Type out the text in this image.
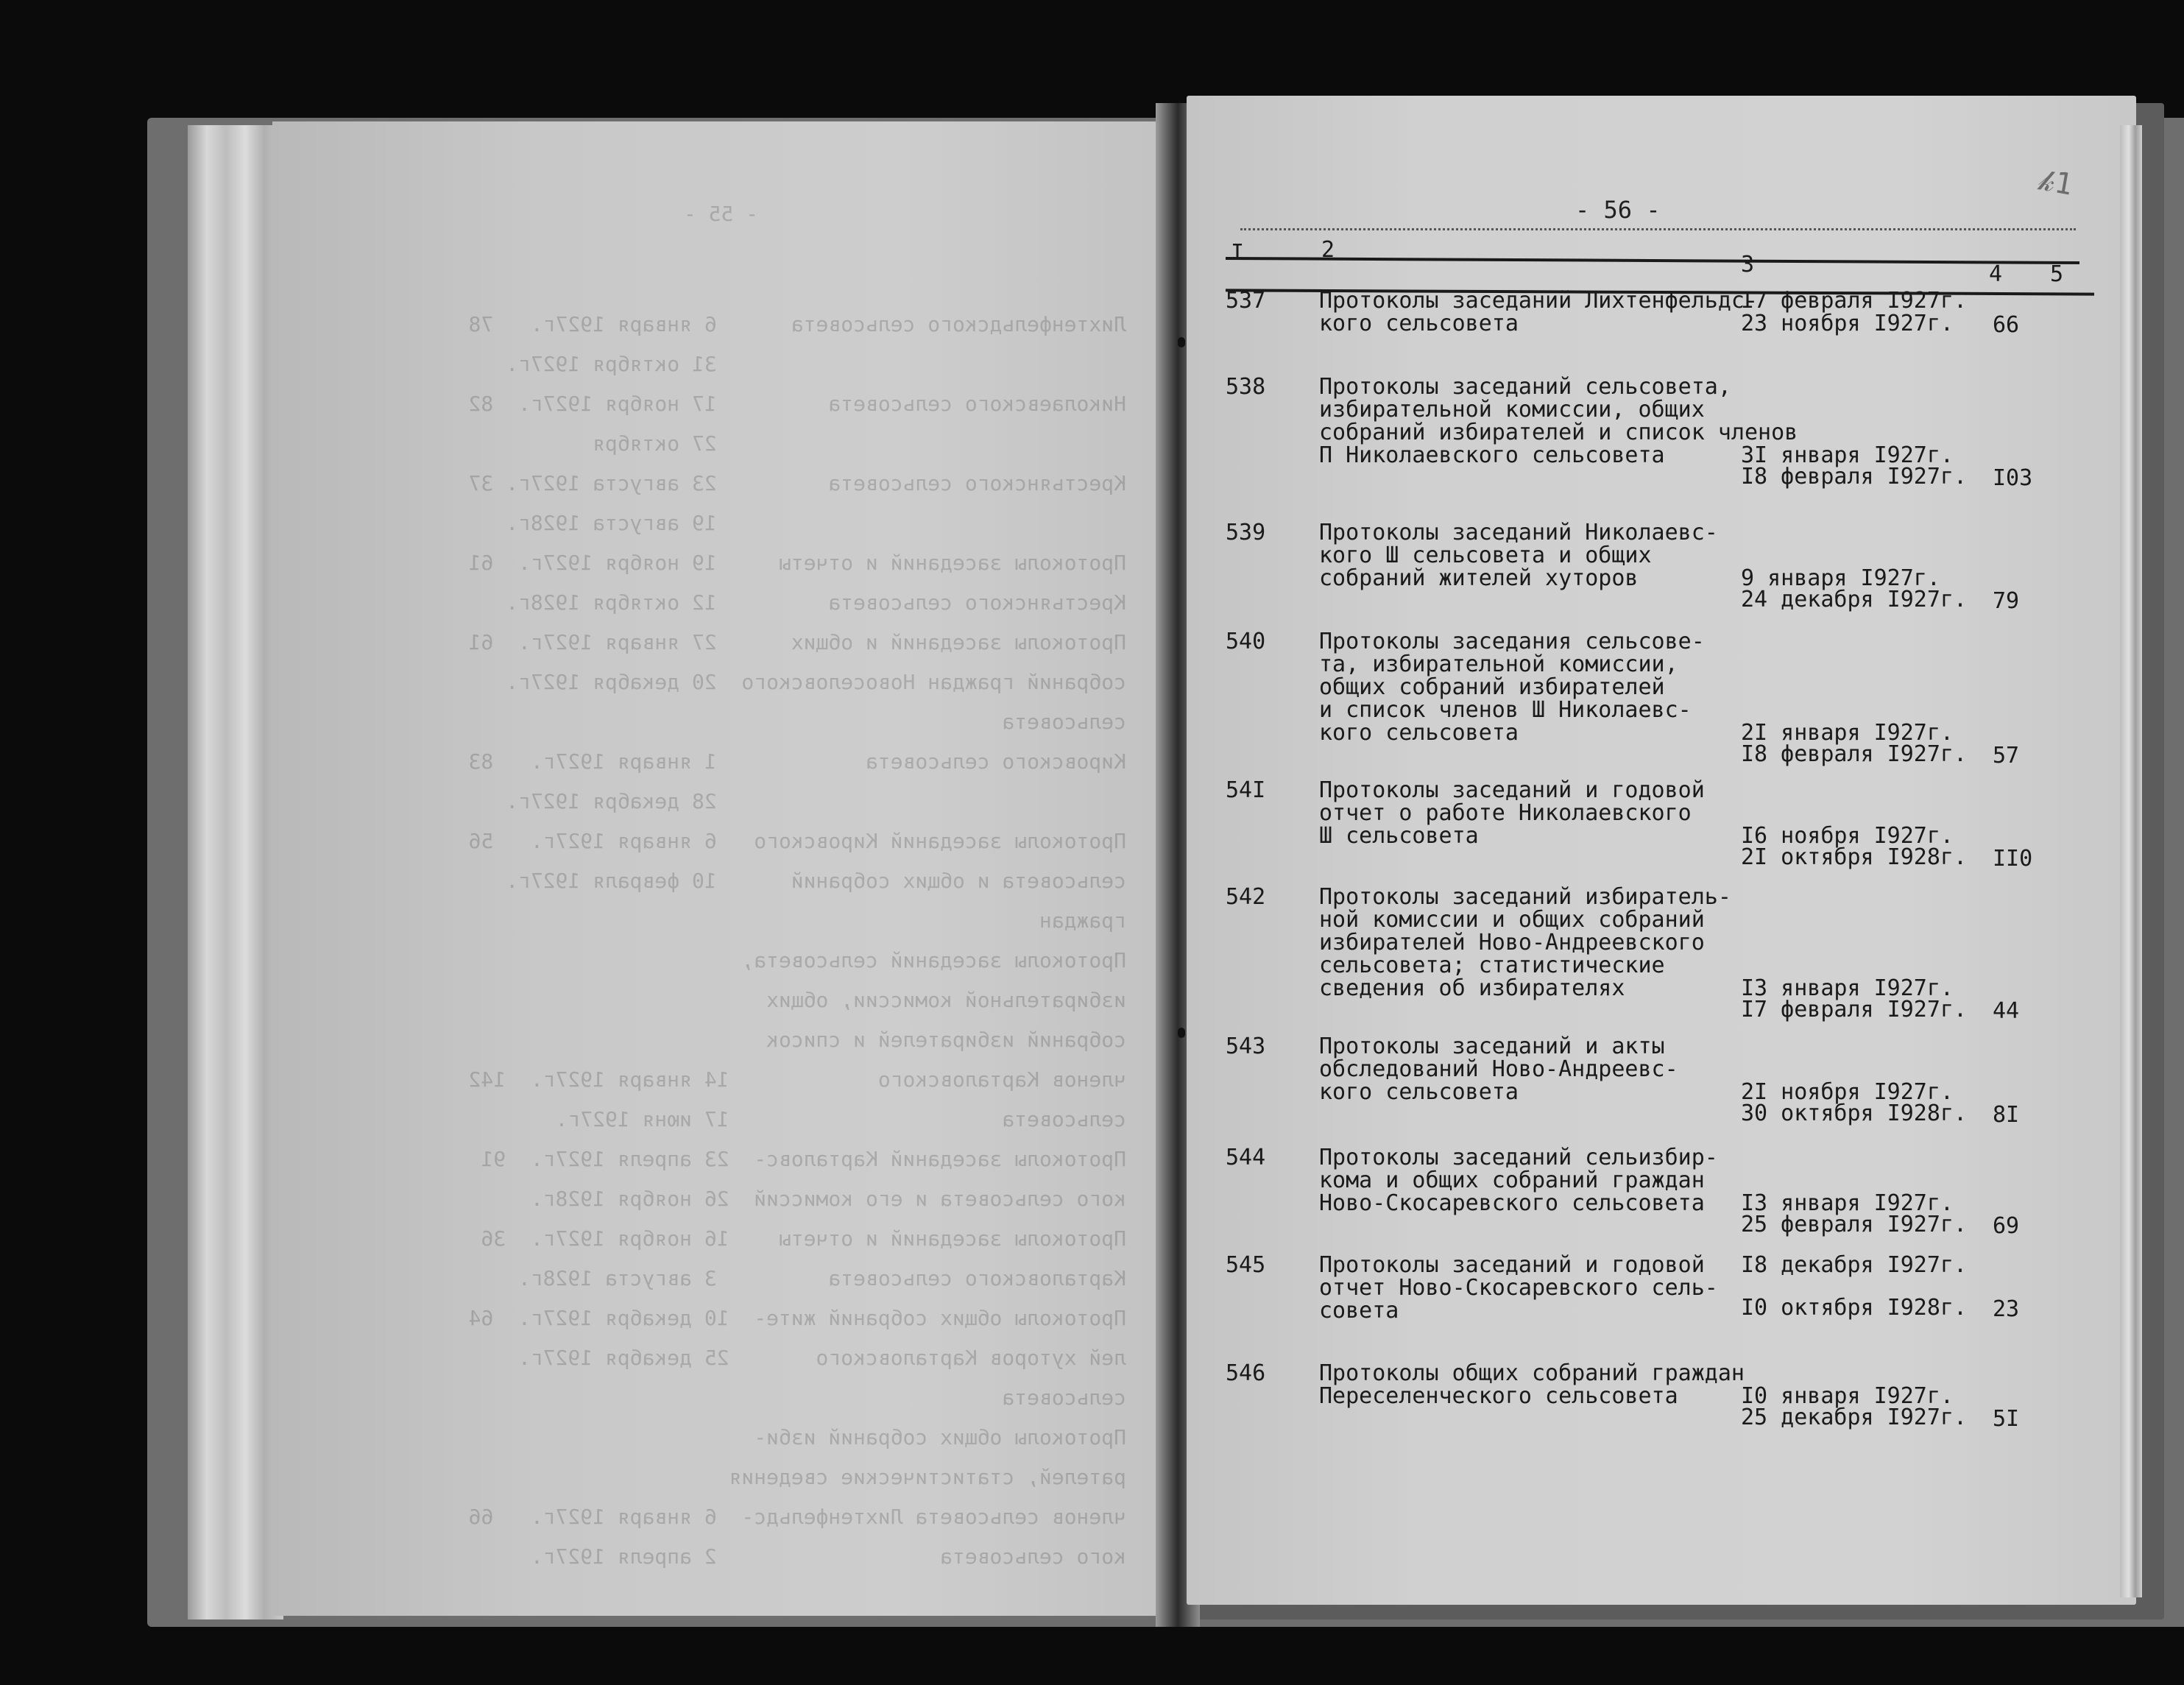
- 55 -
Лихтенфельдского сельсовета      6 января 1927г.   78
31 октября 1927г.
Николаевского сельсовета         17 ноября 1927г.  82
27 октября
Крестьянского сельсовета         23 августа 1927г. 37
19 августа 1928г.
Протоколы заседаний и отчеты     19 ноября 1927г.  61
Крестьянского сельсовета         12 октября 1928г.
Протоколы заседаний и общих      27 января 1927г.  61
собраний граждан Новоселовского  20 декабря 1927г.
сельсовета
Кировского сельсовета            1 января 1927г.   83
28 декабря 1927г.
Протоколы заседаний Кировского   6 января 1927г.   56
сельсовета и общих собраний      10 февраля 1927г.
граждан
Протоколы заседаний сельсовета,
избирательной комиссии, общих
собраний избирателей и список
членов Карталовского            14 января 1927г.  142
сельсовета                      17 июня 1927г.
Протоколы заседаний Карталовс-  23 апреля 1927г.  91
кого сельсовета и его комиссий  26 ноября 1928г.
Протоколы заседаний и отчеты    16 ноября 1927г.  36
Карталовского сельсовета         3 августа 1928г.
Протоколы общих собраний жите-  10 декабря 1927г.  64
лей хуторов Карталовского       25 декабря 1927г.
сельсовета
Протоколы общих собраний изби-
рателей, статистические сведения
членов сельсовета Лихтенфельдс-  6 января 1927г.   66
кого сельсовета                  2 апреля 1927г.
𝓀1
- 56 -
I	2
3	4 5
537 Протоколы заседаний Лихтенфельдс-
кого сельсовета
I7 февраля I927г.
23 ноября I927г. 66
538 Протоколы заседаний сельсовета,
избирательной комиссии, общих
собраний избирателей и список членов
П Николаевского сельсовета	3I января I927г.
I8 февраля I927г. I03
539 Протоколы заседаний Николаевс-
кого Ш сельсовета и общих
собраний жителей хуторов	9 января I927г.
24 декабря I927г. 79
540 Протоколы заседания сельсове-
та, избирательной комиссии,
общих собраний избирателей
и список членов Ш Николаевс-
кого сельсовета	2I января I927г.
I8 февраля I927г. 57
54I Протоколы заседаний и годовой
отчет о работе Николаевского
Ш сельсовета	I6 ноября I927г.
2I октября I928г. II0
542 Протоколы заседаний избиратель-
ной комиссии и общих собраний
избирателей Ново-Андреевского
сельсовета; статистические
сведения об избирателях	I3 января I927г.
I7 февраля I927г. 44
543 Протоколы заседаний и акты
обследований Ново-Андреевс-
кого сельсовета	2I ноября I927г.
30 октября I928г. 8I
544 Протоколы заседаний сельизбир-
кома и общих собраний граждан
Ново-Скосаревского сельсовета	I3 января I927г.
25 февраля I927г. 69
545 Протоколы заседаний и годовой
отчет Ново-Скосаревского сель-
совета
I8 декабря I927г.
I0 октября I928г. 23
546 Протоколы общих собраний граждан
Переселенческого сельсовета	I0 января I927г.
25 декабря I927г. 5I
